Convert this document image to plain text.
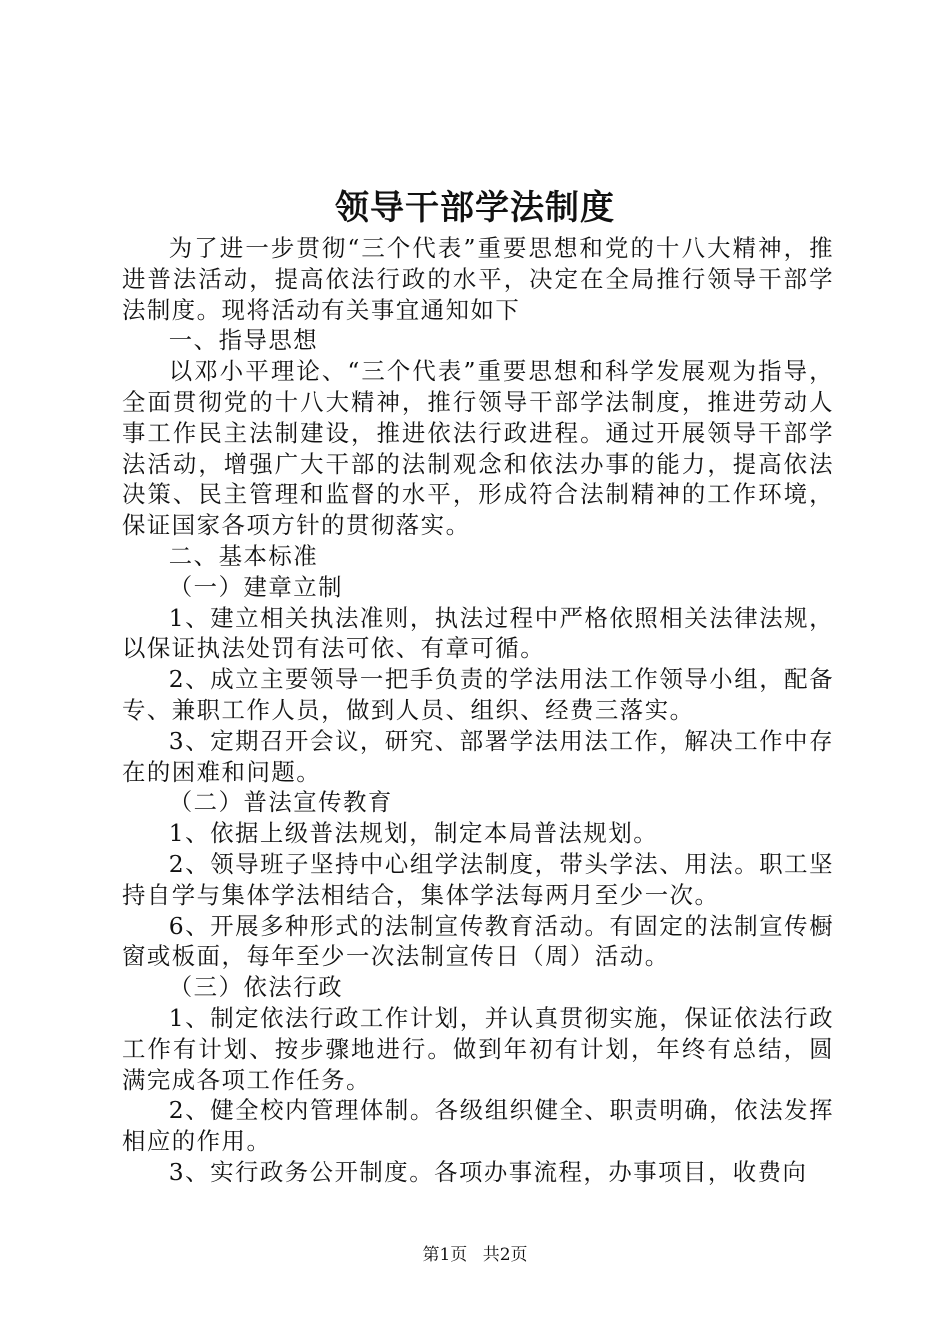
领导干部学法制度

为了进一步贯彻“三个代表”重要思想和党的十八大精神，推进普法活动，提高依法行政的水平，决定在全局推行领导干部学法制度。现将活动有关事宜通知如下

一、指导思想

以邓小平理论、“三个代表”重要思想和科学发展观为指导，全面贯彻党的十八大精神，推行领导干部学法制度，推进劳动人事工作民主法制建设，推进依法行政进程。通过开展领导干部学法活动，增强广大干部的法制观念和依法办事的能力，提高依法决策、民主管理和监督的水平，形成符合法制精神的工作环境，保证国家各项方针的贯彻落实。

二、基本标准

（一）建章立制

1、建立相关执法准则，执法过程中严格依照相关法律法规，以保证执法处罚有法可依、有章可循。

2、成立主要领导一把手负责的学法用法工作领导小组，配备专、兼职工作人员，做到人员、组织、经费三落实。

3、定期召开会议，研究、部署学法用法工作，解决工作中存在的困难和问题。

（二）普法宣传教育

1、依据上级普法规划，制定本局普法规划。

2、领导班子坚持中心组学法制度，带头学法、用法。职工坚持自学与集体学法相结合，集体学法每两月至少一次。

6、开展多种形式的法制宣传教育活动。有固定的法制宣传橱窗或板面，每年至少一次法制宣传日（周）活动。

（三）依法行政

1、制定依法行政工作计划，并认真贯彻实施，保证依法行政工作有计划、按步骤地进行。做到年初有计划，年终有总结，圆满完成各项工作任务。

2、健全校内管理体制。各级组织健全、职责明确，依法发挥相应的作用。

3、实行政务公开制度。各项办事流程，办事项目，收费向

第1页 共2页
